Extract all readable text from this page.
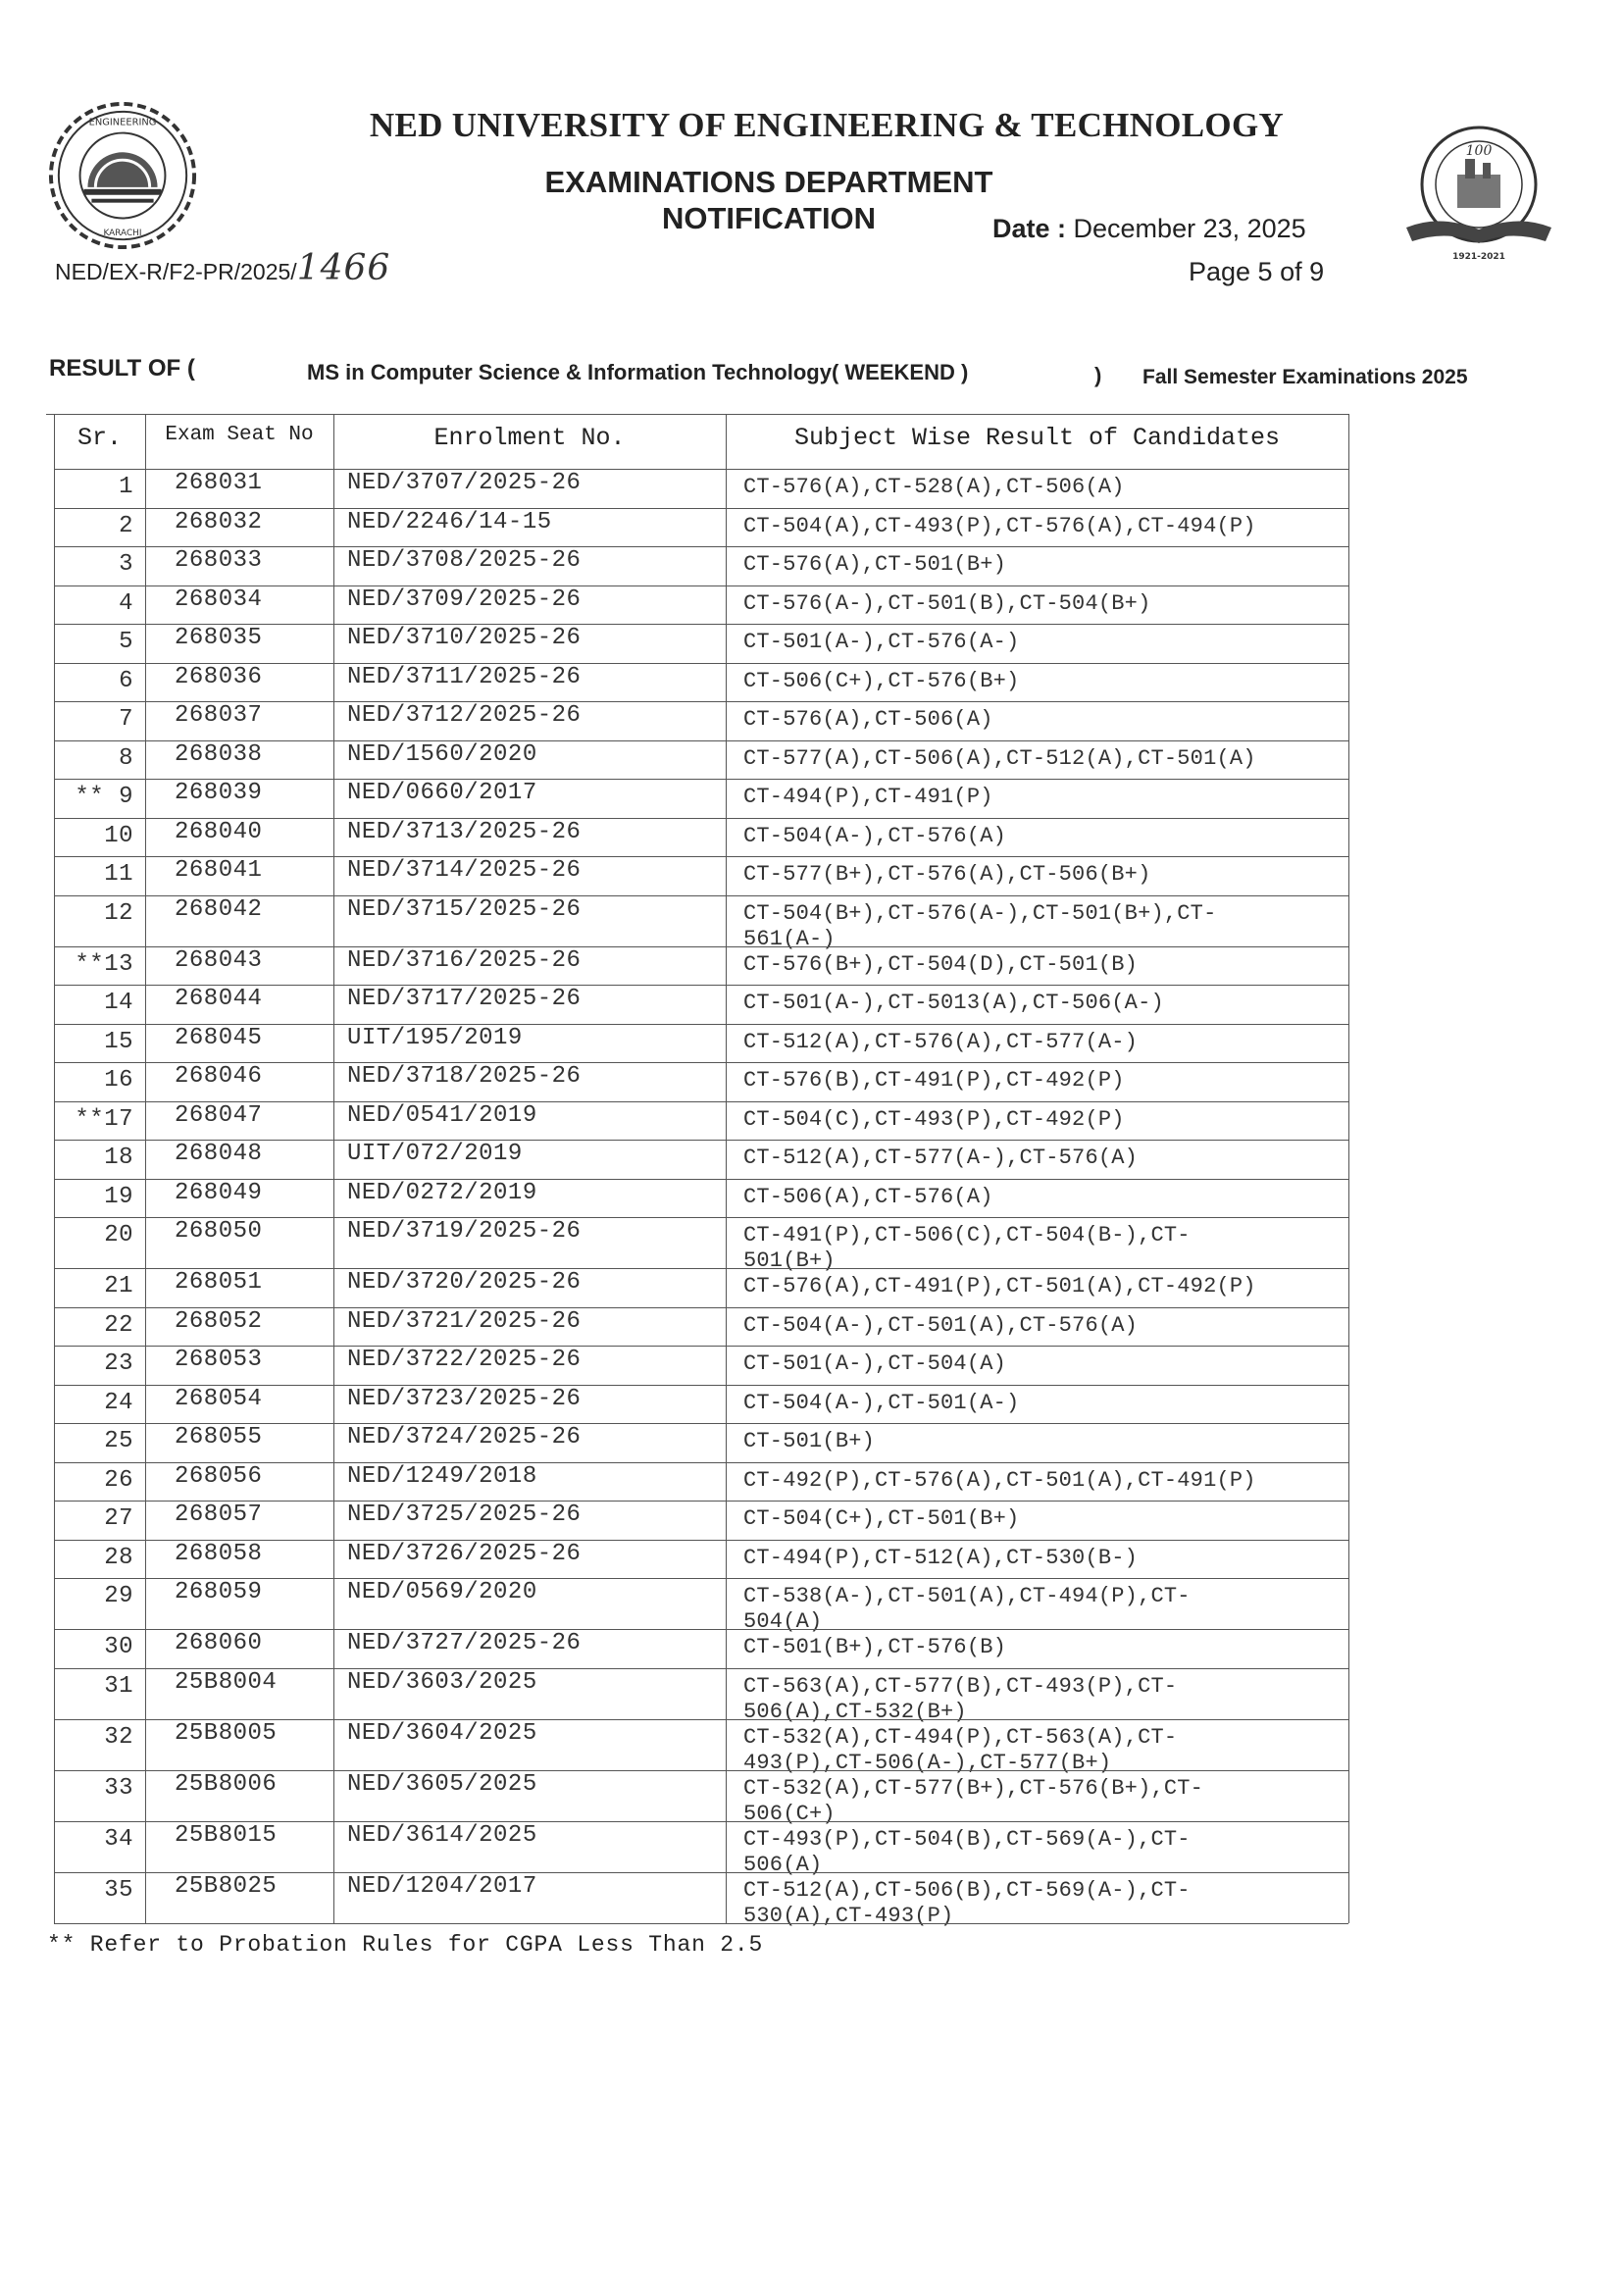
ENGINEERING
KARACHI
100
1921-2021
NED UNIVERSITY OF ENGINEERING & TECHNOLOGY
EXAMINATIONS DEPARTMENT
NOTIFICATION	Date : December 23, 2025
Page 5 of 9
NED/EX-R/F2-PR/2025/1466
RESULT OF (	MS in Computer Science & Information Technology( WEEKEND )	) Fall Semester Examinations 2025
Sr.	Exam Seat No	Enrolment No.	Subject Wise Result of Candidates
1 268031	NED/3707/2025-26	CT-576(A),CT-528(A),CT-506(A)
2 268032	NED/2246/14-15	CT-504(A),CT-493(P),CT-576(A),CT-494(P)
3 268033	NED/3708/2025-26	CT-576(A),CT-501(B+)
4 268034	NED/3709/2025-26	CT-576(A-),CT-501(B),CT-504(B+)
5 268035	NED/3710/2025-26	CT-501(A-),CT-576(A-)
6 268036	NED/3711/2025-26	CT-506(C+),CT-576(B+)
7 268037	NED/3712/2025-26	CT-576(A),CT-506(A)
8 268038	NED/1560/2020	CT-577(A),CT-506(A),CT-512(A),CT-501(A)
** 9 268039	NED/0660/2017	CT-494(P),CT-491(P)
10 268040	NED/3713/2025-26	CT-504(A-),CT-576(A)
11 268041	NED/3714/2025-26	CT-577(B+),CT-576(A),CT-506(B+)
12 268042	NED/3715/2025-26	CT-504(B+),CT-576(A-),CT-501(B+),CT-
561(A-)
**13 268043	NED/3716/2025-26	CT-576(B+),CT-504(D),CT-501(B)
14 268044	NED/3717/2025-26	CT-501(A-),CT-5013(A),CT-506(A-)
15 268045	UIT/195/2019	CT-512(A),CT-576(A),CT-577(A-)
16 268046	NED/3718/2025-26	CT-576(B),CT-491(P),CT-492(P)
**17 268047	NED/0541/2019	CT-504(C),CT-493(P),CT-492(P)
18 268048	UIT/072/2019	CT-512(A),CT-577(A-),CT-576(A)
19 268049	NED/0272/2019	CT-506(A),CT-576(A)
20 268050	NED/3719/2025-26	CT-491(P),CT-506(C),CT-504(B-),CT-
501(B+)
21 268051	NED/3720/2025-26	CT-576(A),CT-491(P),CT-501(A),CT-492(P)
22 268052	NED/3721/2025-26	CT-504(A-),CT-501(A),CT-576(A)
23 268053	NED/3722/2025-26	CT-501(A-),CT-504(A)
24 268054	NED/3723/2025-26	CT-504(A-),CT-501(A-)
25 268055	NED/3724/2025-26	CT-501(B+)
26 268056	NED/1249/2018	CT-492(P),CT-576(A),CT-501(A),CT-491(P)
27 268057	NED/3725/2025-26	CT-504(C+),CT-501(B+)
28 268058	NED/3726/2025-26	CT-494(P),CT-512(A),CT-530(B-)
29 268059	NED/0569/2020	CT-538(A-),CT-501(A),CT-494(P),CT-
504(A)
30 268060	NED/3727/2025-26	CT-501(B+),CT-576(B)
31 25B8004	NED/3603/2025	CT-563(A),CT-577(B),CT-493(P),CT-
506(A),CT-532(B+)
32 25B8005	NED/3604/2025	CT-532(A),CT-494(P),CT-563(A),CT-
493(P),CT-506(A-),CT-577(B+)
33 25B8006	NED/3605/2025	CT-532(A),CT-577(B+),CT-576(B+),CT-
506(C+)
34 25B8015	NED/3614/2025	CT-493(P),CT-504(B),CT-569(A-),CT-
506(A)
35 25B8025	NED/1204/2017	CT-512(A),CT-506(B),CT-569(A-),CT-
530(A),CT-493(P)
** Refer to Probation Rules for CGPA Less Than 2.5
